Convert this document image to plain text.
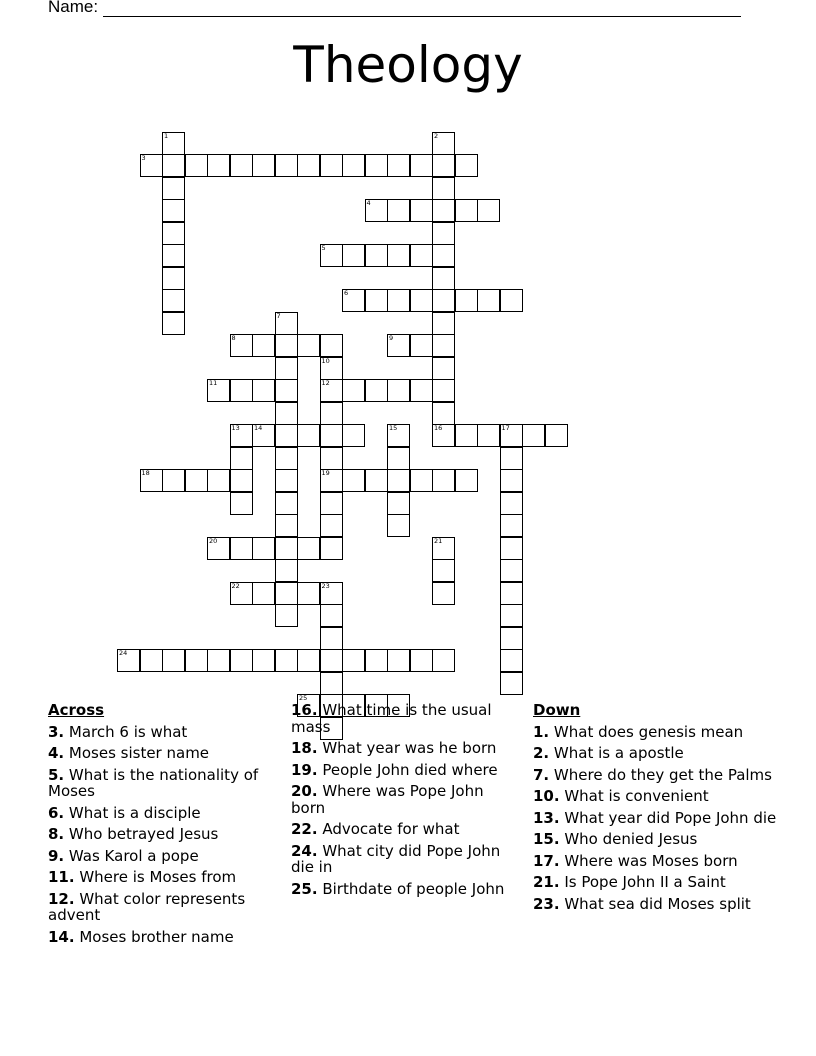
Name:
Theology
1	2
3
4
5
6
7
8	9
10
11	12
13 14	15	16	17
18	19
20	21
22	23
24
25
Across
3. March 6 is what
4. Moses sister name
5. What is the nationality of Moses
6. What is a disciple
8. Who betrayed Jesus
9. Was Karol a pope
11. Where is Moses from
12. What color represents advent
14. Moses brother name
16. What time is the usual mass
18. What year was he born
19. People John died where
20. Where was Pope John born
22. Advocate for what
24. What city did Pope John die in
25. Birthdate of people John
Down
1. What does genesis mean
2. What is a apostle
7. Where do they get the Palms
10. What is convenient
13. What year did Pope John die
15. Who denied Jesus
17. Where was Moses born
21. Is Pope John II a Saint
23. What sea did Moses split
